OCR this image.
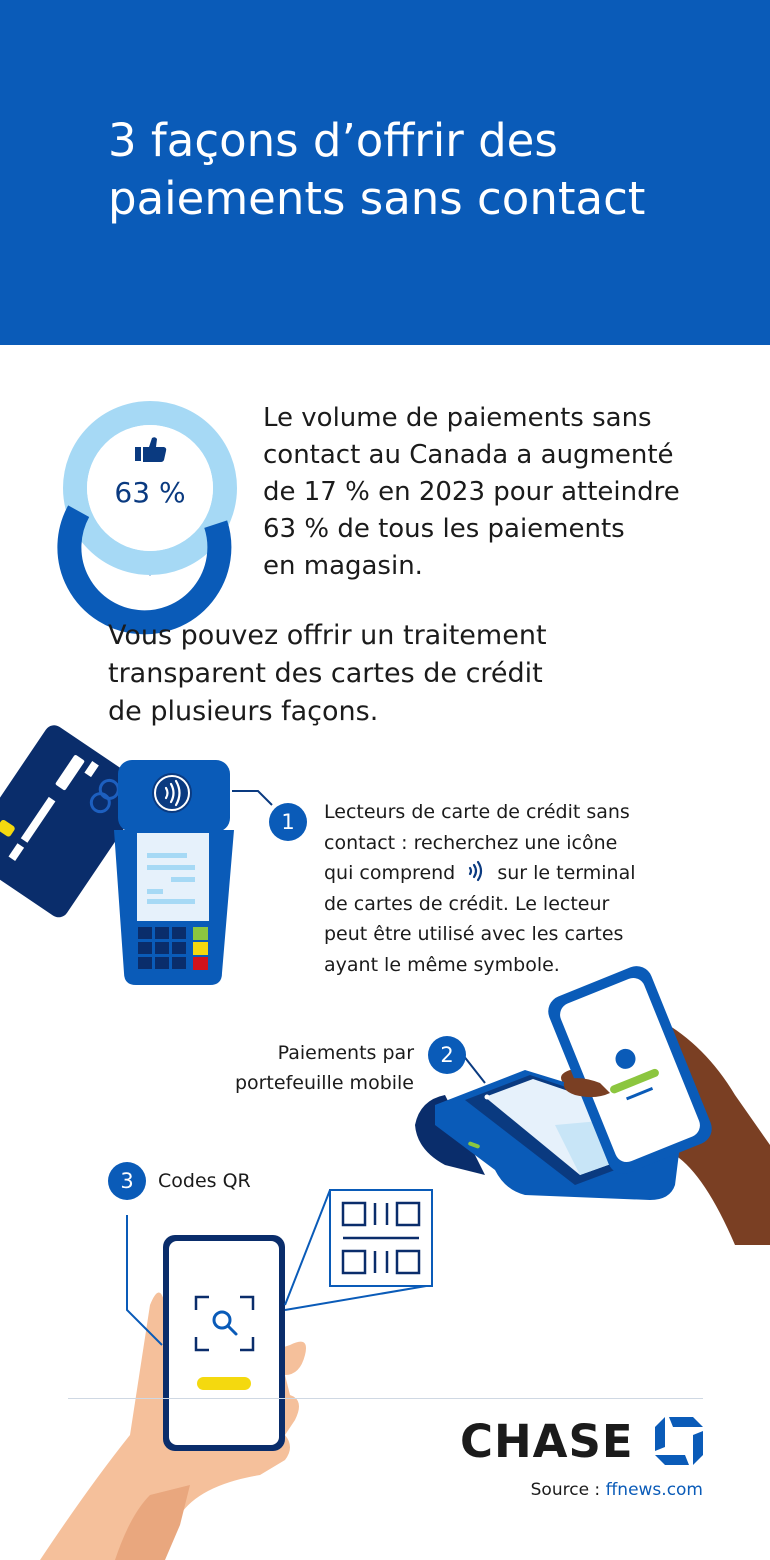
3 façons d’offrir des
paiements sans contact
63 %
Le volume de paiements sans
contact au Canada a augmenté
de 17 % en 2023 pour atteindre
63 % de tous les paiements
en magasin.
Vous pouvez offrir un traitement
transparent des cartes de crédit
de plusieurs façons.
1	Lecteurs de carte de crédit sans
contact : recherchez une icône
qui comprend sur le terminal
de cartes de crédit. Le lecteur
peut être utilisé avec les cartes
ayant le même symbole.
Paiements par
portefeuille mobile
2
3	Codes QR
CHASE
Source : ffnews.com
